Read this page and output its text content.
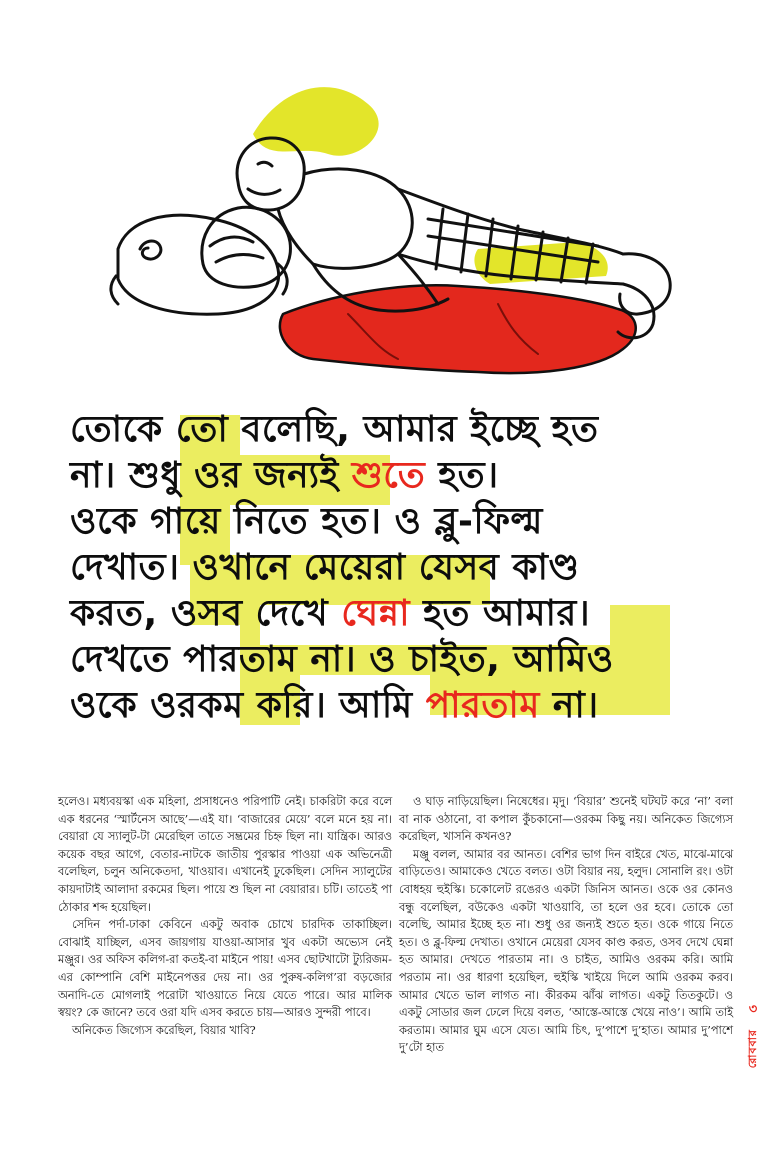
তোকে তো বলেছি, আমার ইচ্ছে হত
না। শুধু ওর জন্যই শুতে হত।
ওকে গায়ে নিতে হত। ও ব্লু-ফিল্ম
দেখাত। ওখানে মেয়েরা যেসব কাণ্ড
করত, ওসব দেখে ঘেন্না হত আমার।
দেখতে পারতাম না। ও চাইত, আমিও
ওকে ওরকম করি। আমি পারতাম না।

হলেও। মধ্যবয়স্কা এক মহিলা, প্রসাধনেও পরিপাটি নেই। চাকরিটা করে বলে এক ধরনের ‘স্মার্টনেস আছে’—এই যা। ‘বাজারের মেয়ে’ বলে মনে হয় না। বেয়ারা যে স্যালুট-টা মেরেছিল তাতে সম্ভ্রমের চিহ্ন ছিল না। যান্ত্রিক। আরও কয়েক বছর আগে, বেতার-নাটকে জাতীয় পুরস্কার পাওয়া এক অভিনেত্রী বলেছিল, চলুন অনিকেতদা, খাওয়াব। এখানেই ঢুকেছিল। সেদিন স্যালুটের কায়দাটাই আলাদা রকমের ছিল। পায়ে শু ছিল না বেয়ারার। চটি। তাতেই পা ঠোকার শব্দ হয়েছিল।

সেদিন পর্দা-ঢাকা কেবিনে একটু অবাক চোখে চারদিক তাকাচ্ছিল। বোঝাই যাচ্ছিল, এসব জায়গায় যাওয়া-আসার খুব একটা অভ্যেস নেই মঞ্জুর। ওর অফিস কলিগ-রা কতই-বা মাইনে পায়! এসব ছোটখাটো ট্যুরিজম-এর কোম্পানি বেশি মাইনেপত্তর দেয় না। ওর পুরুষ-কলিগ’রা বড়জোর অনাদি-তে মোগলাই পরোটা খাওয়াতে নিয়ে যেতে পারে। আর মালিক স্বয়ং? কে জানে? তবে ওরা যদি এসব করতে চায়—আরও সুন্দরী পাবে।

অনিকেত জিগ্যেস করেছিল, বিয়ার খাবি?

ও ঘাড় নাড়িয়েছিল। নিষেধের। মৃদু। ‘বিয়ার’ শুনেই ঘটঘট করে ‘না’ বলা বা নাক ওঠানো, বা কপাল কুঁচকানো—ওরকম কিছু নয়। অনিকেত জিগ্যেস করেছিল, খাসনি কখনও?

মঞ্জু বলল, আমার বর আনত। বেশির ভাগ দিন বাইরে খেত, মাঝে-মাঝে বাড়িতেও। আমাকেও খেতে বলত। ওটা বিয়ার নয়, হলুদ। সোনালি রং। ওটা বোধহয় হুইস্কি। চকোলেট রঙেরও একটা জিনিস আনত। ওকে ওর কোনও বন্ধু বলেছিল, বউকেও একটা খাওয়াবি, তা হলে ওর হবে। তোকে তো বলেছি, আমার ইচ্ছে হত না। শুধু ওর জন্যই শুতে হত। ওকে গায়ে নিতে হত। ও ব্লু-ফিল্ম দেখাত। ওখানে মেয়েরা যেসব কাণ্ড করত, ওসব দেখে ঘেন্না হত আমার। দেখতে পারতাম না। ও চাইত, আমিও ওরকম করি। আমি পরতাম না। ওর ধারণা হয়েছিল, হুইস্কি খাইয়ে দিলে আমি ওরকম করব। আমার খেতে ভাল লাগত না। কীরকম ঝাঁঝ লাগত। একটু তিতকুটে। ও একটু সোডার জল ঢেলে দিয়ে বলত, ‘আস্তে-আস্তে খেয়ে নাও’। আমি তাই করতাম। আমার ঘুম এসে যেত। আমি চিৎ, দু’পাশে দু’হাত। আমার দু’পাশে দু’টো হাত

৩
রোববার
